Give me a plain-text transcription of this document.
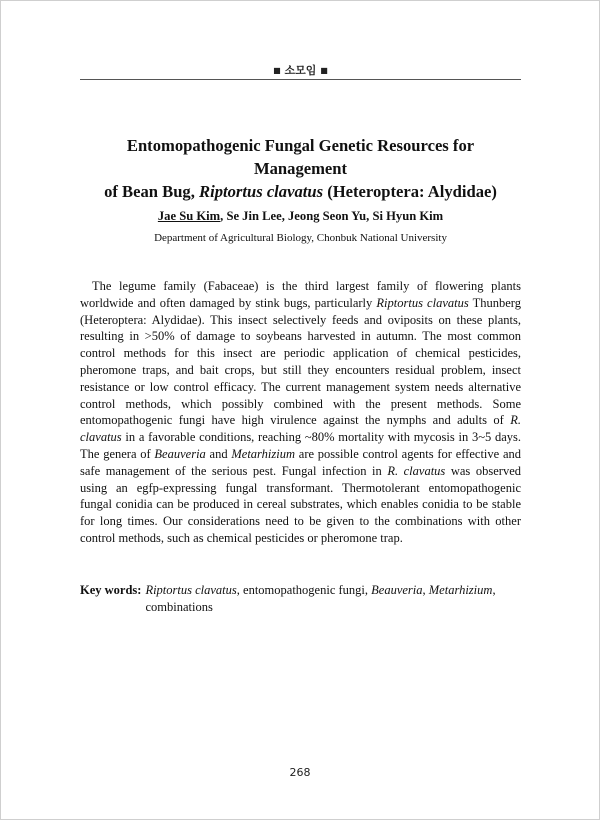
■ 소모임 ■
Entomopathogenic Fungal Genetic Resources for Management
of Bean Bug, Riptortus clavatus (Heteroptera: Alydidae)
Jae Su Kim, Se Jin Lee, Jeong Seon Yu, Si Hyun Kim
Department of Agricultural Biology, Chonbuk National University

The legume family (Fabaceae) is the third largest family of flowering plants worldwide and often damaged by stink bugs, particularly Riptortus clavatus Thunberg (Heteroptera: Alydidae). This insect selectively feeds and oviposits on these plants, resulting in >50% of damage to soybeans harvested in autumn. The most common control methods for this insect are periodic application of chemical pesticides, pheromone traps, and bait crops, but still they encounters residual problem, insect resistance or low control efficacy. The current management system needs alternative control methods, which possibly combined with the present methods. Some entomopathogenic fungi have high virulence against the nymphs and adults of R. clavatus in a favorable conditions, reaching ~80% mortality with mycosis in 3~5 days. The genera of Beauveria and Metarhizium are possible control agents for effective and safe management of the serious pest. Fungal infection in R. clavatus was observed using an egfp-expressing fungal transformant. Thermotolerant entomopathogenic fungal conidia can be produced in cereal substrates, which enables conidia to be stable for long times. Our considerations need to be given to the combinations with other control methods, such as chemical pesticides or pheromone trap.

Key words: Riptortus clavatus, entomopathogenic fungi, Beauveria, Metarhizium, combinations
268
